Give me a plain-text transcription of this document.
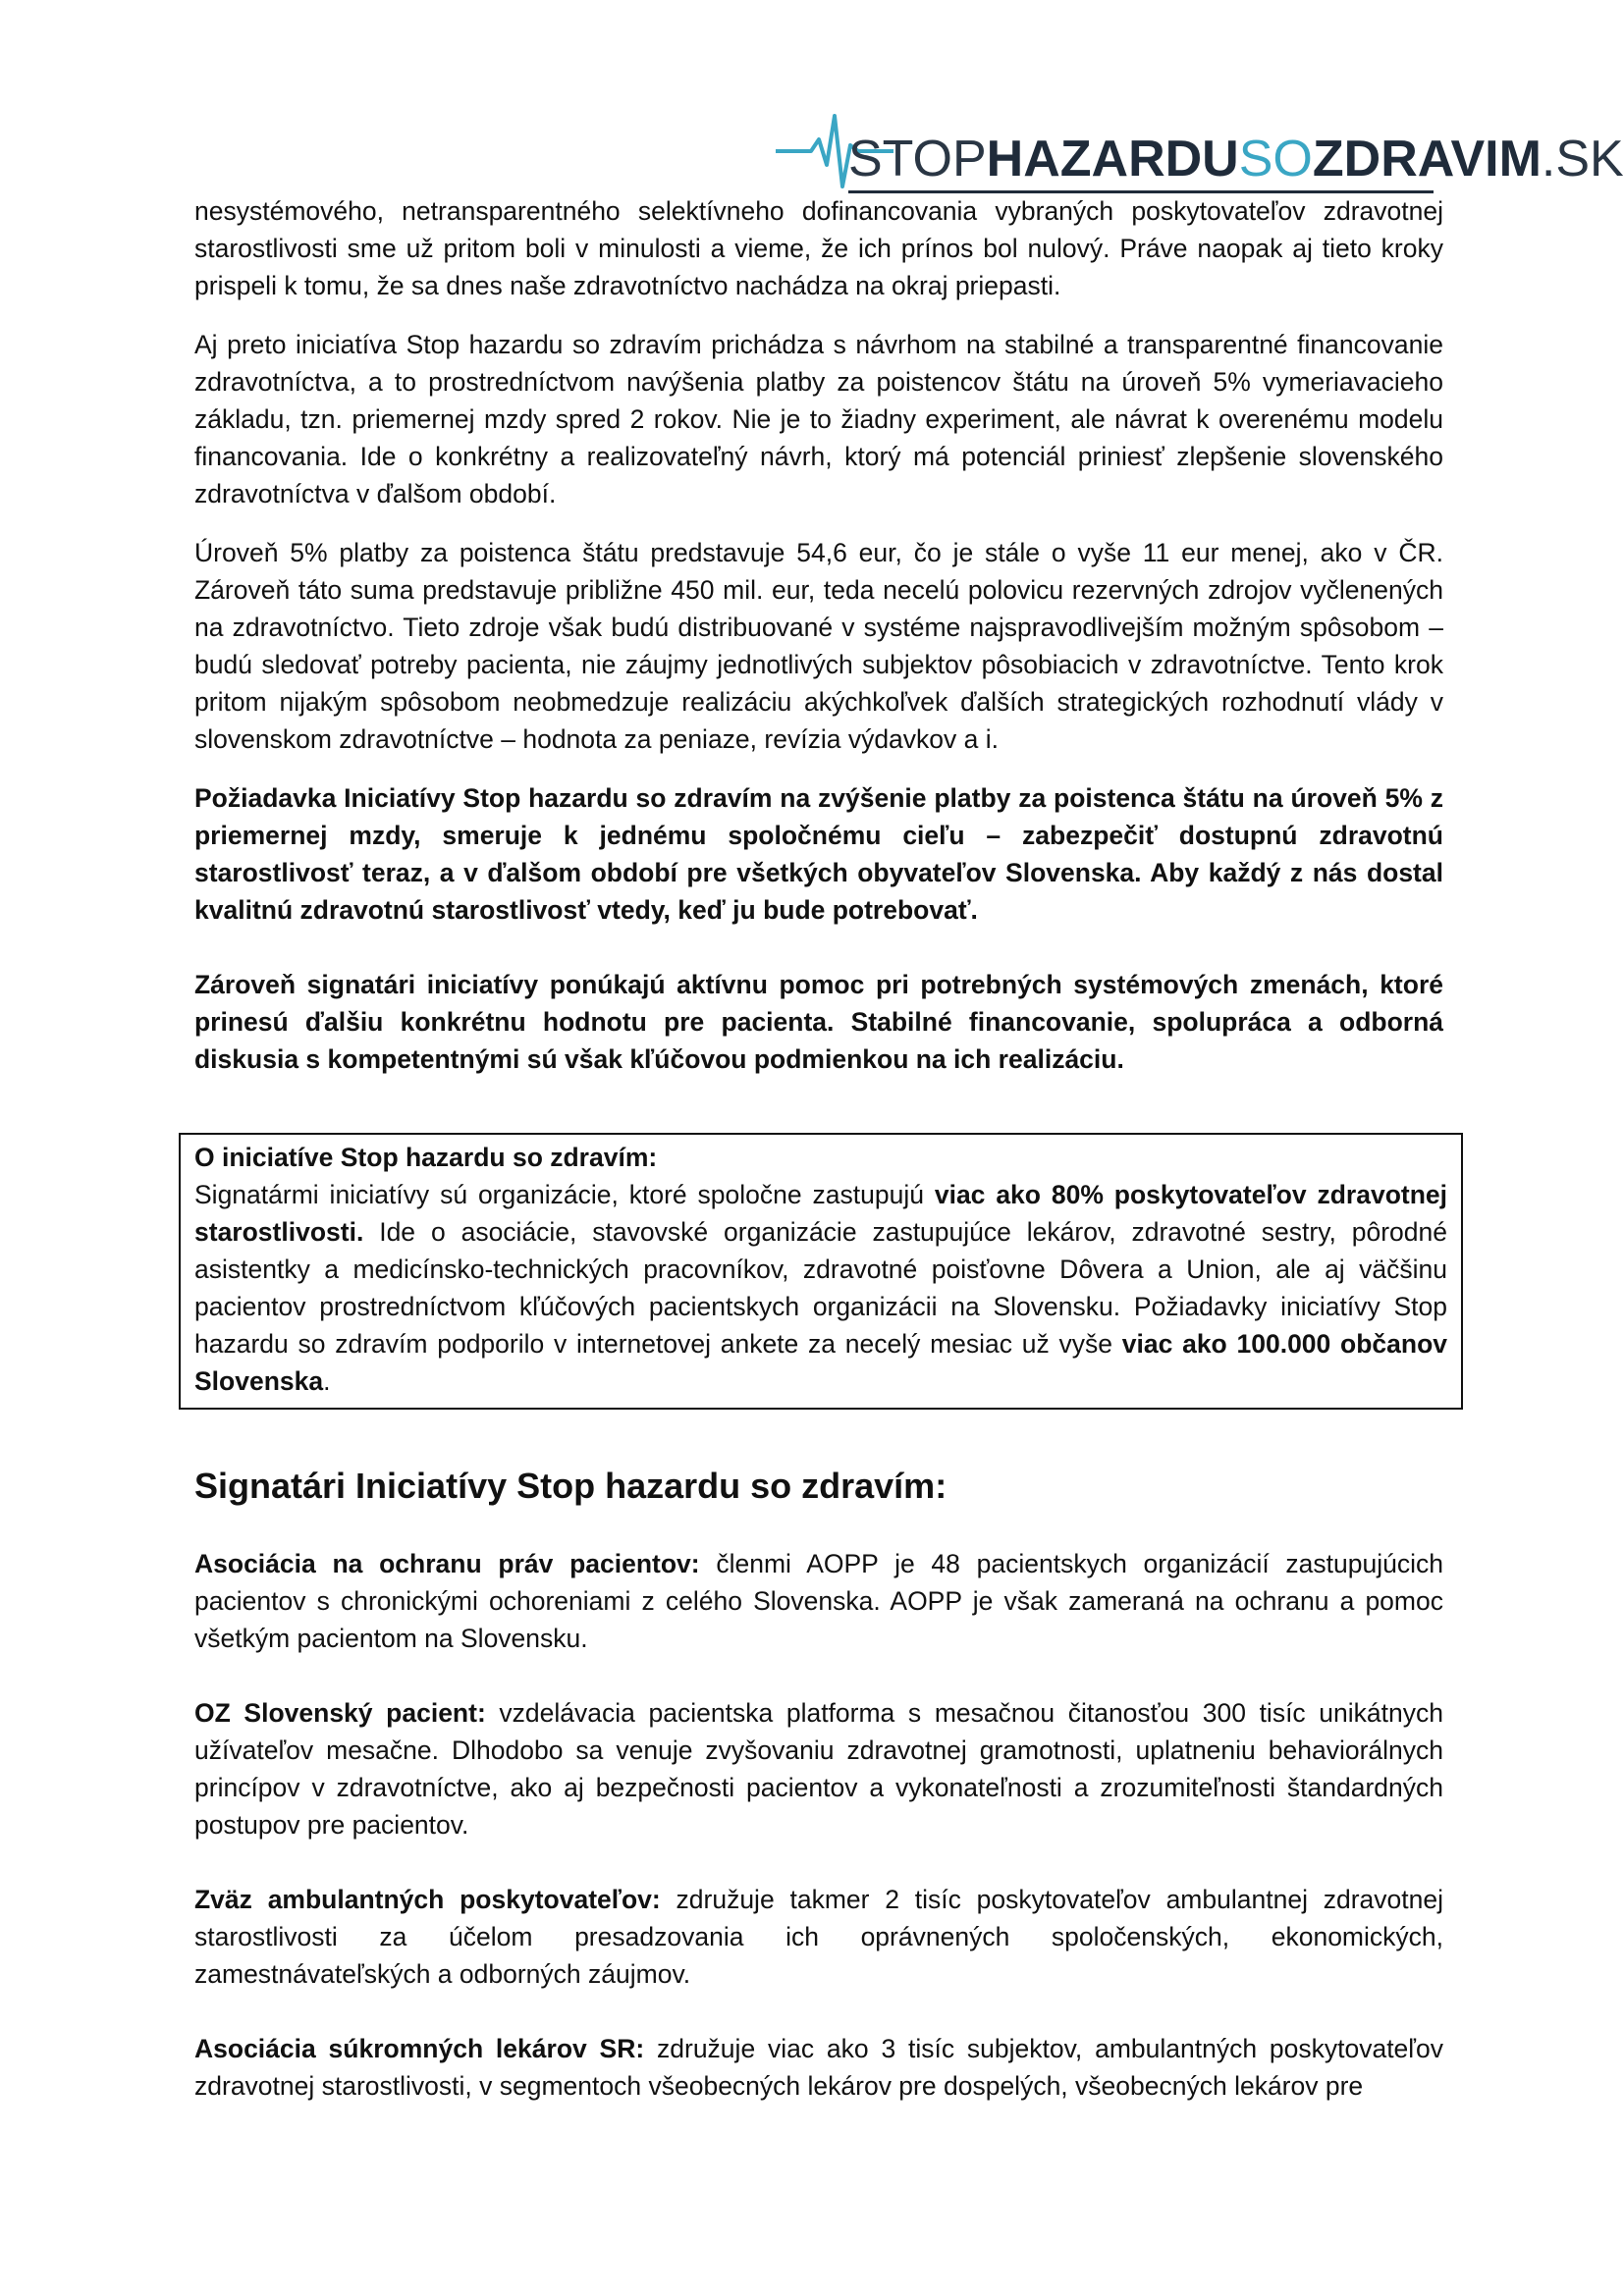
STOPHAZARDUSOZDRAVIM.SK

nesystémového, netransparentného selektívneho dofinancovania vybraných poskytovateľov zdravotnej starostlivosti sme už pritom boli v minulosti a vieme, že ich prínos bol nulový. Práve naopak aj tieto kroky prispeli k tomu, že sa dnes naše zdravotníctvo nachádza na okraj priepasti.

Aj preto iniciatíva Stop hazardu so zdravím prichádza s návrhom na stabilné a transparentné financovanie zdravotníctva, a to prostredníctvom navýšenia platby za poistencov štátu na úroveň 5% vymeriavacieho základu, tzn. priemernej mzdy spred 2 rokov. Nie je to žiadny experiment, ale návrat k overenému modelu financovania. Ide o konkrétny a realizovateľný návrh, ktorý má potenciál priniesť zlepšenie slovenského zdravotníctva v ďalšom období.

Úroveň 5% platby za poistenca štátu predstavuje 54,6 eur, čo je stále o vyše 11 eur menej, ako v ČR. Zároveň táto suma predstavuje približne 450 mil. eur, teda necelú polovicu rezervných zdrojov vyčlenených na zdravotníctvo. Tieto zdroje však budú distribuované v systéme najspravodlivejším možným spôsobom – budú sledovať potreby pacienta, nie záujmy jednotlivých subjektov pôsobiacich v zdravotníctve. Tento krok pritom nijakým spôsobom neobmedzuje realizáciu akýchkoľvek ďalších strategických rozhodnutí vlády v slovenskom zdravotníctve – hodnota za peniaze, revízia výdavkov a i.

Požiadavka Iniciatívy Stop hazardu so zdravím na zvýšenie platby za poistenca štátu na úroveň 5% z priemernej mzdy, smeruje k jednému spoločnému cieľu – zabezpečiť dostupnú zdravotnú starostlivosť teraz, a v ďalšom období pre všetkých obyvateľov Slovenska. Aby každý z nás dostal kvalitnú zdravotnú starostlivosť vtedy, keď ju bude potrebovať.

Zároveň signatári iniciatívy ponúkajú aktívnu pomoc pri potrebných systémových zmenách, ktoré prinesú ďalšiu konkrétnu hodnotu pre pacienta. Stabilné financovanie, spolupráca a odborná diskusia s kompetentnými sú však kľúčovou podmienkou na ich realizáciu.

O iniciatíve Stop hazardu so zdravím:

Signatármi iniciatívy sú organizácie, ktoré spoločne zastupujú viac ako 80% poskytovateľov zdravotnej starostlivosti. Ide o asociácie, stavovské organizácie zastupujúce lekárov, zdravotné sestry, pôrodné asistentky a medicínsko-technických pracovníkov, zdravotné poisťovne Dôvera a Union, ale aj väčšinu pacientov prostredníctvom kľúčových pacientskych organizácii na Slovensku. Požiadavky iniciatívy Stop hazardu so zdravím podporilo v internetovej ankete za necelý mesiac už vyše viac ako 100.000 občanov Slovenska.

Signatári Iniciatívy Stop hazardu so zdravím:

Asociácia na ochranu práv pacientov: členmi AOPP je 48 pacientskych organizácií zastupujúcich pacientov s chronickými ochoreniami z celého Slovenska. AOPP je však zameraná na ochranu a pomoc všetkým pacientom na Slovensku.

OZ Slovenský pacient: vzdelávacia pacientska platforma s mesačnou čitanosťou 300 tisíc unikátnych užívateľov mesačne. Dlhodobo sa venuje zvyšovaniu zdravotnej gramotnosti, uplatneniu behaviorálnych princípov v zdravotníctve, ako aj bezpečnosti pacientov a vykonateľnosti a zrozumiteľnosti štandardných postupov pre pacientov.

Zväz ambulantných poskytovateľov: združuje takmer 2 tisíc poskytovateľov ambulantnej zdravotnej starostlivosti za účelom presadzovania ich oprávnených spoločenských, ekonomických, zamestnávateľských a odborných záujmov.

Asociácia súkromných lekárov SR: združuje viac ako 3 tisíc subjektov, ambulantných poskytovateľov zdravotnej starostlivosti, v segmentoch všeobecných lekárov pre dospelých, všeobecných lekárov pre
